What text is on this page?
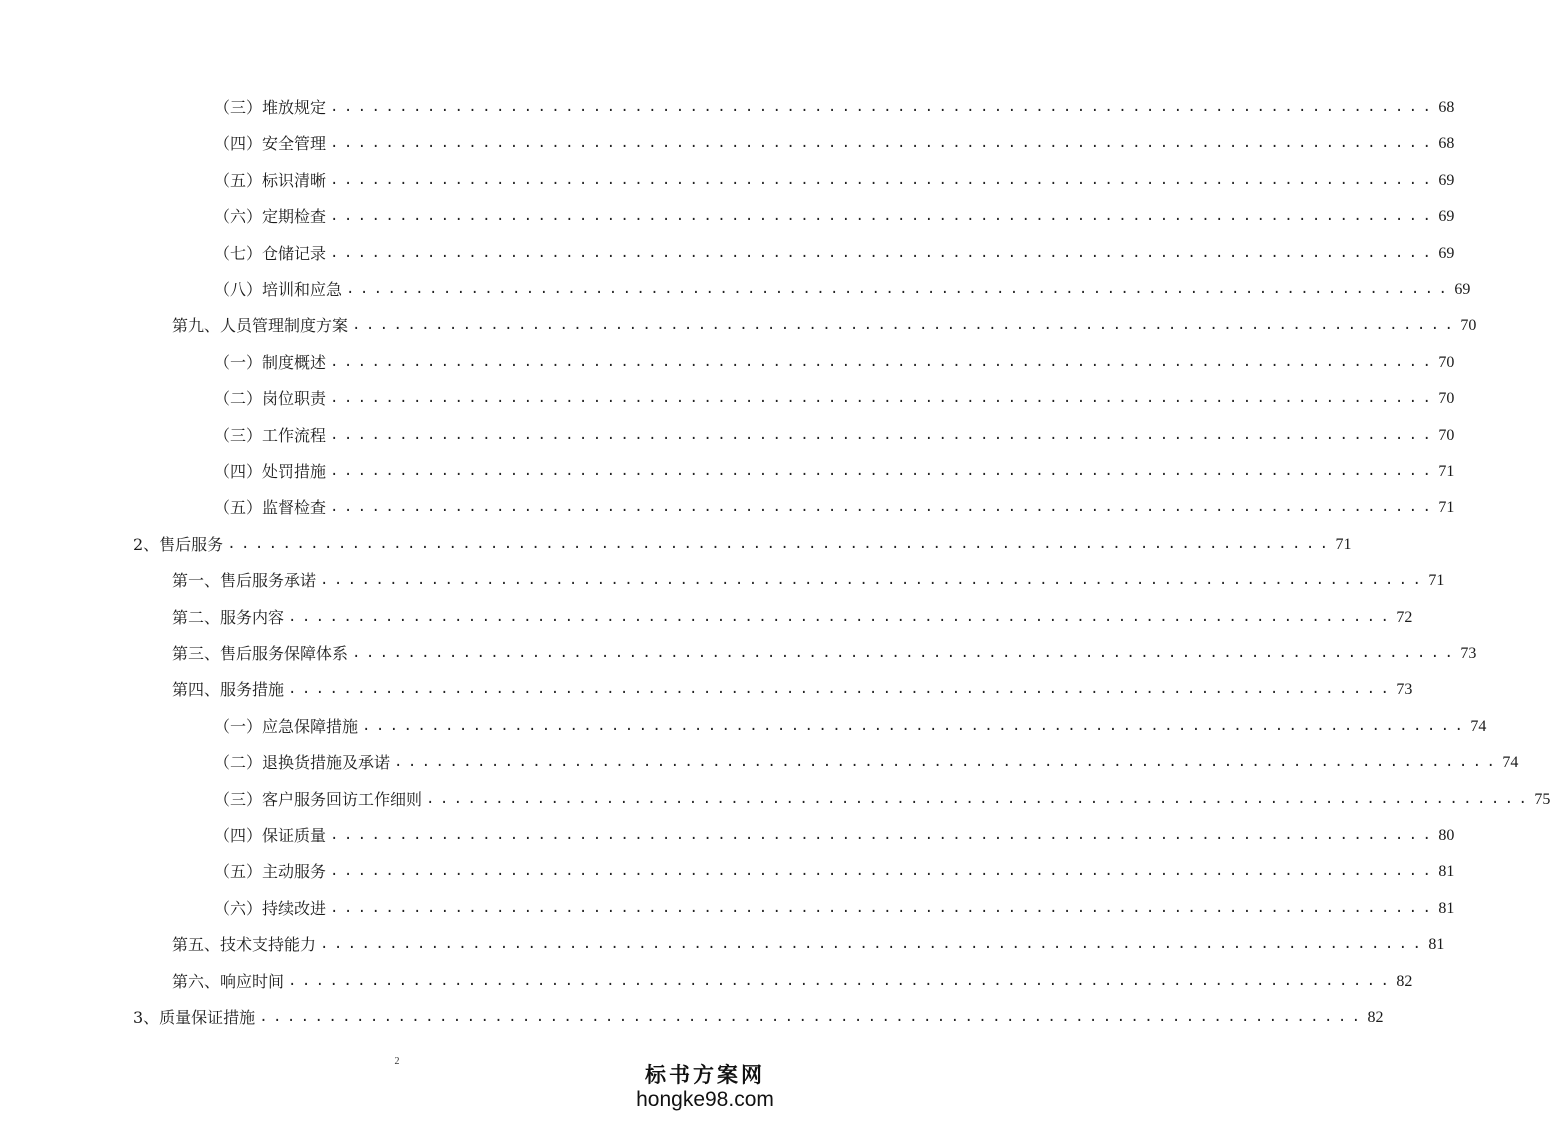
（三）堆放规定 ................................................................................ 68
（四）安全管理 ................................................................................ 68
（五）标识清晰 ................................................................................ 69
（六）定期检查 ................................................................................ 69
（七）仓储记录 ................................................................................ 69
（八）培训和应急 ................................................................................ 69
第九、人员管理制度方案 ................................................................................ 70
（一）制度概述 ................................................................................ 70
（二）岗位职责 ................................................................................ 70
（三）工作流程 ................................................................................ 70
（四）处罚措施 ................................................................................ 71
（五）监督检查 ................................................................................ 71
2、售后服务 ................................................................................ 71
第一、售后服务承诺 ................................................................................ 71
第二、服务内容 ................................................................................ 72
第三、售后服务保障体系 ................................................................................ 73
第四、服务措施 ................................................................................ 73
（一）应急保障措施 ................................................................................ 74
（二）退换货措施及承诺 ................................................................................ 74
（三）客户服务回访工作细则 ................................................................................ 75
（四）保证质量 ................................................................................ 80
（五）主动服务 ................................................................................ 81
（六）持续改进 ................................................................................ 81
第五、技术支持能力 ................................................................................ 81
第六、响应时间 ................................................................................ 82
3、质量保证措施 ................................................................................ 82
2
标书方案网
hongke98.com
